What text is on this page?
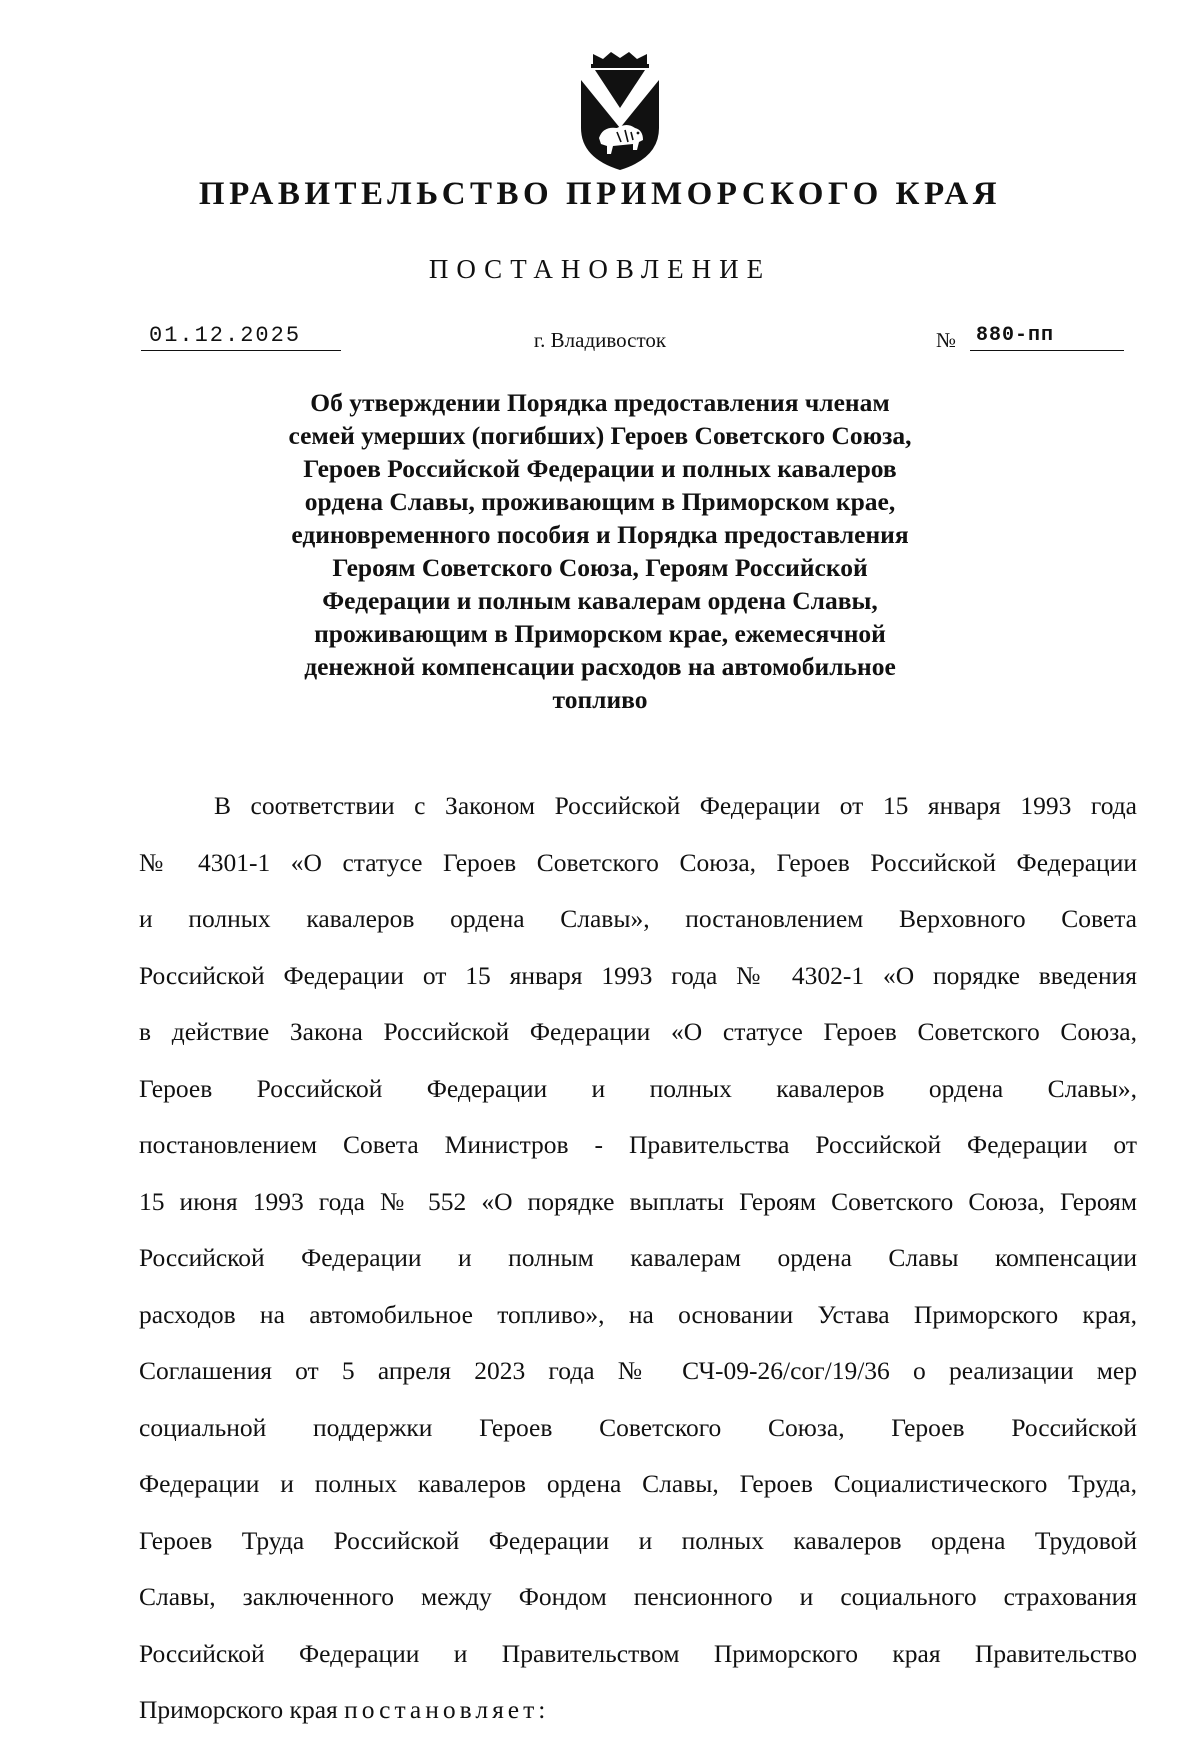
ПРАВИТЕЛЬСТВО ПРИМОРСКОГО КРАЯ
ПОСТАНОВЛЕНИЕ
01.12.2025	г. Владивосток	№ 880-пп
Об утверждении Порядка предоставления членам
семей умерших (погибших) Героев Советского Союза,
Героев Российской Федерации и полных кавалеров
ордена Славы, проживающим в Приморском крае,
единовременного пособия и Порядка предоставления
Героям Советского Союза, Героям Российской
Федерации и полным кавалерам ордена Славы,
проживающим в Приморском крае, ежемесячной
денежной компенсации расходов на автомобильное
топливо
В соответствии с Законом Российской Федерации от 15 января 1993 года
№ 4301-1 «О статусе Героев Советского Союза, Героев Российской Федерации
и полных кавалеров ордена Славы», постановлением Верховного Совета
Российской Федерации от 15 января 1993 года № 4302-1 «О порядке введения
в действие Закона Российской Федерации «О статусе Героев Советского Союза,
Героев Российской Федерации и полных кавалеров ордена Славы»,
постановлением Совета Министров - Правительства Российской Федерации от
15 июня 1993 года № 552 «О порядке выплаты Героям Советского Союза, Героям
Российской Федерации и полным кавалерам ордена Славы компенсации
расходов на автомобильное топливо», на основании Устава Приморского края,
Соглашения от 5 апреля 2023 года № СЧ-09-26/сог/19/36 о реализации мер
социальной поддержки Героев Советского Союза, Героев Российской
Федерации и полных кавалеров ордена Славы, Героев Социалистического Труда,
Героев Труда Российской Федерации и полных кавалеров ордена Трудовой
Славы, заключенного между Фондом пенсионного и социального страхования
Российской Федерации и Правительством Приморского края Правительство
Приморского края постановляет:
